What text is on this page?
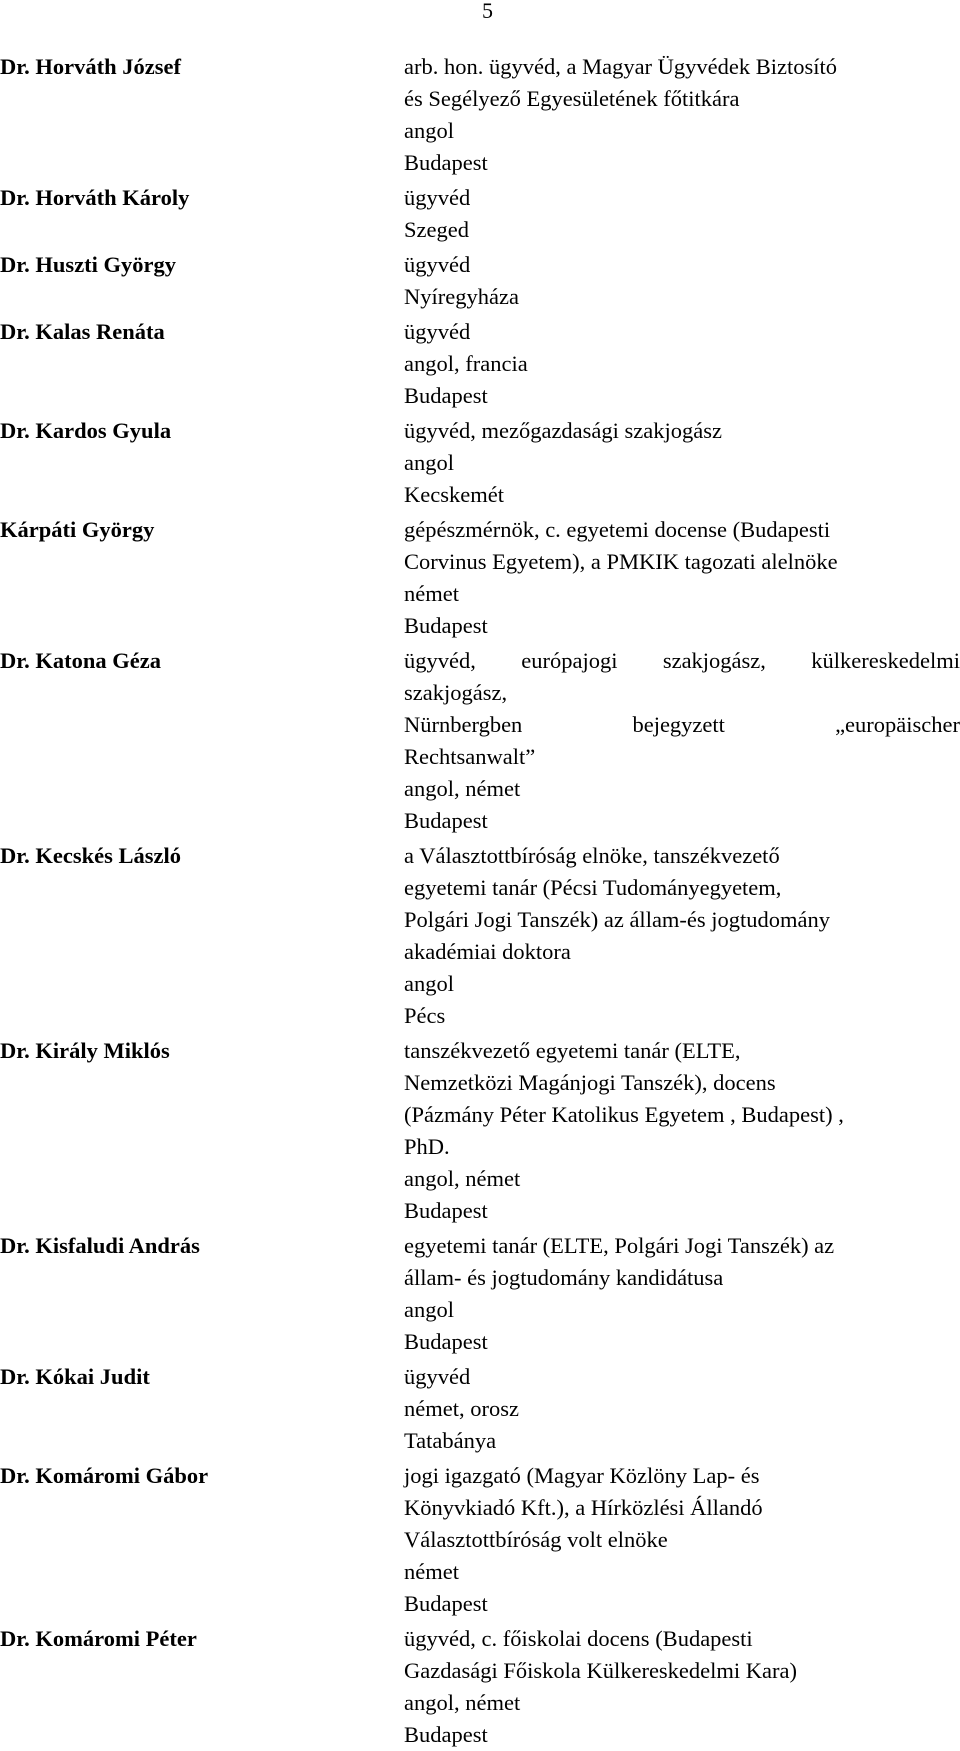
5
Dr. Horváth József	arb. hon. ügyvéd, a Magyar Ügyvédek Biztosító
és Segélyező Egyesületének főtitkára
angol
Budapest
Dr. Horváth Károly	ügyvéd
Szeged
Dr. Huszti György	ügyvéd
Nyíregyháza
Dr. Kalas Renáta	ügyvéd
angol, francia
Budapest
Dr. Kardos Gyula	ügyvéd, mezőgazdasági szakjogász
angol
Kecskemét
Kárpáti György	gépészmérnök, c. egyetemi docense (Budapesti
Corvinus Egyetem), a PMKIK tagozati alelnöke
német
Budapest
Dr. Katona Géza	ügyvéd, európajogi szakjogász, külkereskedelmi
szakjogász,
Nürnbergben bejegyzett „europäischer
Rechtsanwalt”
angol, német
Budapest
Dr. Kecskés László	a Választottbíróság elnöke, tanszékvezető
egyetemi tanár (Pécsi Tudományegyetem,
Polgári Jogi Tanszék) az állam-és jogtudomány
akadémiai doktora
angol
Pécs
Dr. Király Miklós	tanszékvezető egyetemi tanár (ELTE,
Nemzetközi Magánjogi Tanszék), docens
(Pázmány Péter Katolikus Egyetem , Budapest) ,
PhD.
angol, német
Budapest
Dr. Kisfaludi András	egyetemi tanár (ELTE, Polgári Jogi Tanszék) az
állam- és jogtudomány kandidátusa
angol
Budapest
Dr. Kókai Judit	ügyvéd
német, orosz
Tatabánya
Dr. Komáromi Gábor	jogi igazgató (Magyar Közlöny Lap- és
Könyvkiadó Kft.), a Hírközlési Állandó
Választottbíróság volt elnöke
német
Budapest
Dr. Komáromi Péter	ügyvéd, c. főiskolai docens (Budapesti
Gazdasági Főiskola Külkereskedelmi Kara)
angol, német
Budapest
